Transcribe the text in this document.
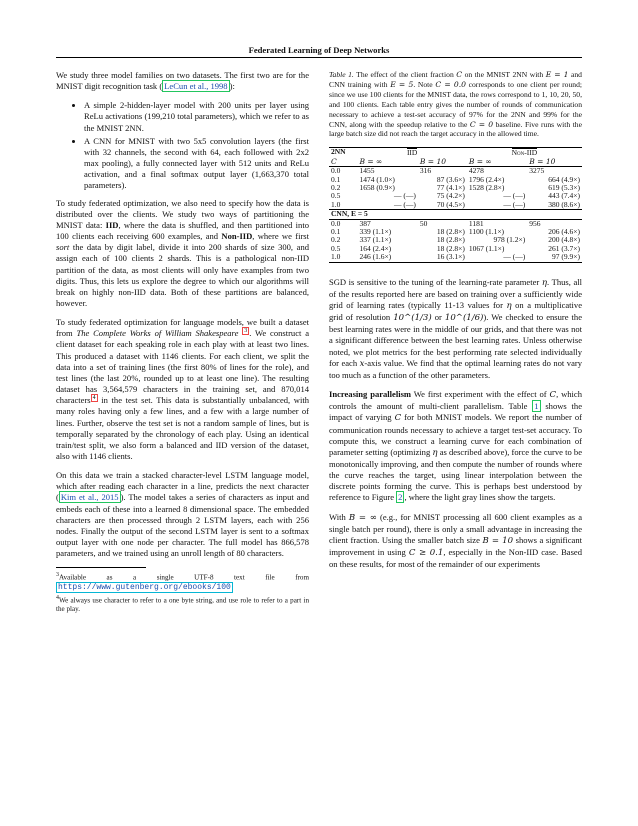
Federated Learning of Deep Networks

We study three model families on two datasets. The first two are for the MNIST digit recognition task ( LeCun et al., 1998 ):

• A simple 2-hidden-layer model with 200 units per layer using ReLu activations (199,210 total parameters), which we refer to as the MNIST 2NN.
• A CNN for MNIST with two 5x5 convolution layers (the first with 32 channels, the second with 64, each followed with 2x2 max pooling), a fully connected layer with 512 units and ReLu activation, and a final softmax output layer (1,663,370 total parameters).

To study federated optimization, we also need to specify how the data is distributed over the clients. We study two ways of partitioning the MNIST data: IID, where the data is shuffled, and then partitioned into 100 clients each receiving 600 examples, and Non-IID, where we first sort the data by digit label, divide it into 200 shards of size 300, and assign each of 100 clients 2 shards. This is a pathological non-IID partition of the data, as most clients will only have examples from two digits. Thus, this lets us explore the degree to which our algorithms will break on highly non-IID data. Both of these partitions are balanced, however.

To study federated optimization for language models, we built a dataset from The Complete Works of William Shakespeare $^3$ . We construct a client dataset for each speaking role in each play with at least two lines. This produced a dataset with 1146 clients. For each client, we split the data into a set of training lines (the first 80% of lines for the role), and test lines (the last 20%, rounded up to at least one line). The resulting dataset has 3,564,579 characters in the training set, and 870,014 characters $^4$ in the test set. This data is substantially unbalanced, with many roles having only a few lines, and a few with a large number of lines. Further, observe the test set is not a random sample of lines, but is temporally separated by the chronology of each play. Using an identical train/test split, we also form a balanced and IID version of the dataset, also with 1146 clients.

On this data we train a stacked character-level LSTM language model, which after reading each character in a line, predicts the next character ( Kim et al., 2015 ). The model takes a series of characters as input and embeds each of these into a learned 8 dimensional space. The embedded characters are then processed through 2 LSTM layers, each with 256 nodes. Finally the output of the second LSTM layer is sent to a softmax output layer with one node per character. The full model has 866,578 parameters, and we trained using an unroll length of 80 characters.

$^3$Available as a single UTF-8 text file from https://www.gutenberg.org/ebooks/100
$^4$We always use character to refer to a one byte string, and use role to refer to a part in the play.
Table 1. The effect of the client fraction C on the MNIST 2NN with E = 1 and CNN training with E = 5. Note C = 0.0 corresponds to one client per round; since we use 100 clients for the MNIST data, the rows correspond to 1, 10, 20, 50, and 100 clients. Each table entry gives the number of rounds of communication necessary to achieve a test-set accuracy of 97% for the 2NN and 99% for the CNN, along with the speedup relative to the C = 0 baseline. Five runs with the large batch size did not reach the target accuracy in the allowed time.
2NN	IID		Non-IID	
C	B = ∞	B = 10	B = ∞	B = 10
0.0	1455	316	4278	3275
0.1	1474 (1.0×)	87 (3.6×)	1796 (2.4×)	664 (4.9×)
0.2	1658 (0.9×)	77 (4.1×)	1528 (2.8×)	619 (5.3×)
0.5	— (—)	75 (4.2×)	— (—)	443 (7.4×)
1.0	— (—)	70 (4.5×)	— (—)	380 (8.6×)
CNN, E = 5				
0.0	387	50	1181	956
0.1	339 (1.1×)	18 (2.8×)	1100 (1.1×)	206 (4.6×)
0.2	337 (1.1×)	18 (2.8×)	978 (1.2×)	200 (4.8×)
0.5	164 (2.4×)	18 (2.8×)	1067 (1.1×)	261 (3.7×)
1.0	246 (1.6×)	16 (3.1×)	— (—)	97 (9.9×)

SGD is sensitive to the tuning of the learning-rate parameter η. Thus, all of the results reported here are based on training over a sufficiently wide grid of learning rates (typically 11-13 values for η on a multiplicative grid of resolution 10^(1/3) or 10^(1/6)). We checked to ensure the best learning rates were in the middle of our grids, and that there was not a significant difference between the best learning rates. Unless otherwise noted, we plot metrics for the best performing rate selected individually for each x-axis value. We find that the optimal learning rates do not vary too much as a function of the other parameters.

Increasing parallelism We first experiment with the effect of C, which controls the amount of multi-client parallelism. Table 1 shows the impact of varying C for both MNIST models. We report the number of communication rounds necessary to achieve a target test-set accuracy. To compute this, we construct a learning curve for each combination of parameter setting (optimizing η as described above), force the curve to be monotonically improving, and then compute the number of rounds where the curve reaches the target, using linear interpolation between the discrete points forming the curve. This is perhaps best understood by reference to Figure 2 , where the light gray lines show the targets.

With B = ∞ (e.g., for MNIST processing all 600 client examples as a single batch per round), there is only a small advantage in increasing the client fraction. Using the smaller batch size B = 10 shows a significant improvement in using C ≥ 0.1, especially in the Non-IID case. Based on these results, for most of the remainder of our experiments
